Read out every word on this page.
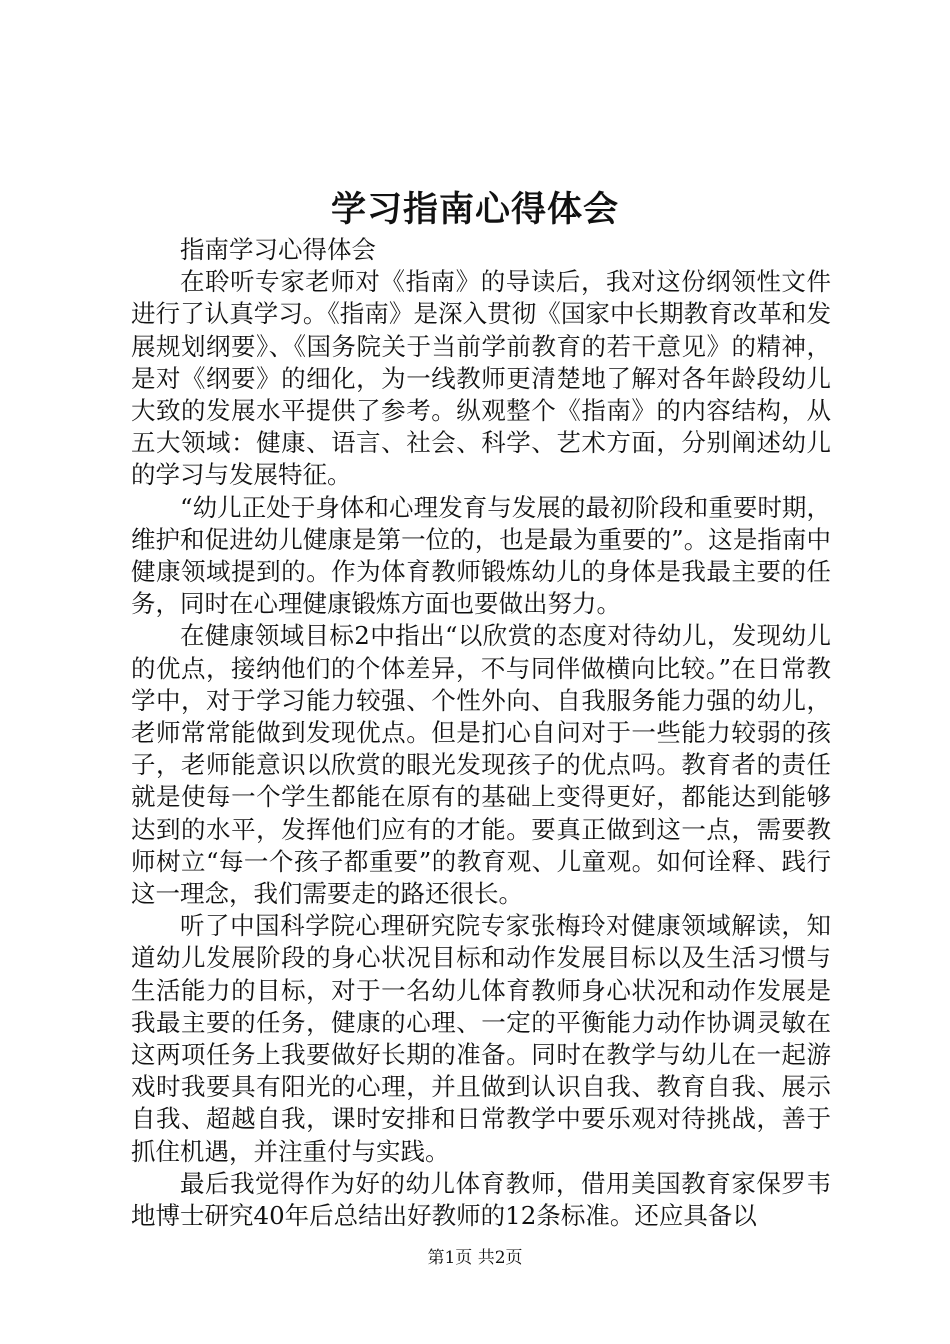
学习指南心得体会

指南学习心得体会

在聆听专家老师对《指南》的导读后，我对这份纲领性文件进行了认真学习。《指南》是深入贯彻《国家中长期教育改革和发展规划纲要》、《国务院关于当前学前教育的若干意见》的精神，是对《纲要》的细化，为一线教师更清楚地了解对各年龄段幼儿大致的发展水平提供了参考。纵观整个《指南》的内容结构，从五大领域：健康、语言、社会、科学、艺术方面，分别阐述幼儿的学习与发展特征。

“幼儿正处于身体和心理发育与发展的最初阶段和重要时期，维护和促进幼儿健康是第一位的，也是最为重要的”。这是指南中健康领域提到的。作为体育教师锻炼幼儿的身体是我最主要的任务，同时在心理健康锻炼方面也要做出努力。

在健康领域目标2中指出“以欣赏的态度对待幼儿，发现幼儿的优点，接纳他们的个体差异，不与同伴做横向比较。”在日常教学中，对于学习能力较强、个性外向、自我服务能力强的幼儿，老师常常能做到发现优点。但是扪心自问对于一些能力较弱的孩子，老师能意识以欣赏的眼光发现孩子的优点吗。教育者的责任就是使每一个学生都能在原有的基础上变得更好，都能达到能够达到的水平，发挥他们应有的才能。要真正做到这一点，需要教师树立“每一个孩子都重要”的教育观、儿童观。如何诠释、践行这一理念，我们需要走的路还很长。

听了中国科学院心理研究院专家张梅玲对健康领域解读，知道幼儿发展阶段的身心状况目标和动作发展目标以及生活习惯与生活能力的目标，对于一名幼儿体育教师身心状况和动作发展是我最主要的任务，健康的心理、一定的平衡能力动作协调灵敏在这两项任务上我要做好长期的准备。同时在教学与幼儿在一起游戏时我要具有阳光的心理，并且做到认识自我、教育自我、展示自我、超越自我，课时安排和日常教学中要乐观对待挑战，善于抓住机遇，并注重付与实践。

最后我觉得作为好的幼儿体育教师，借用美国教育家保罗韦地博士研究40年后总结出好教师的12条标准。还应具备以

第1页 共2页
